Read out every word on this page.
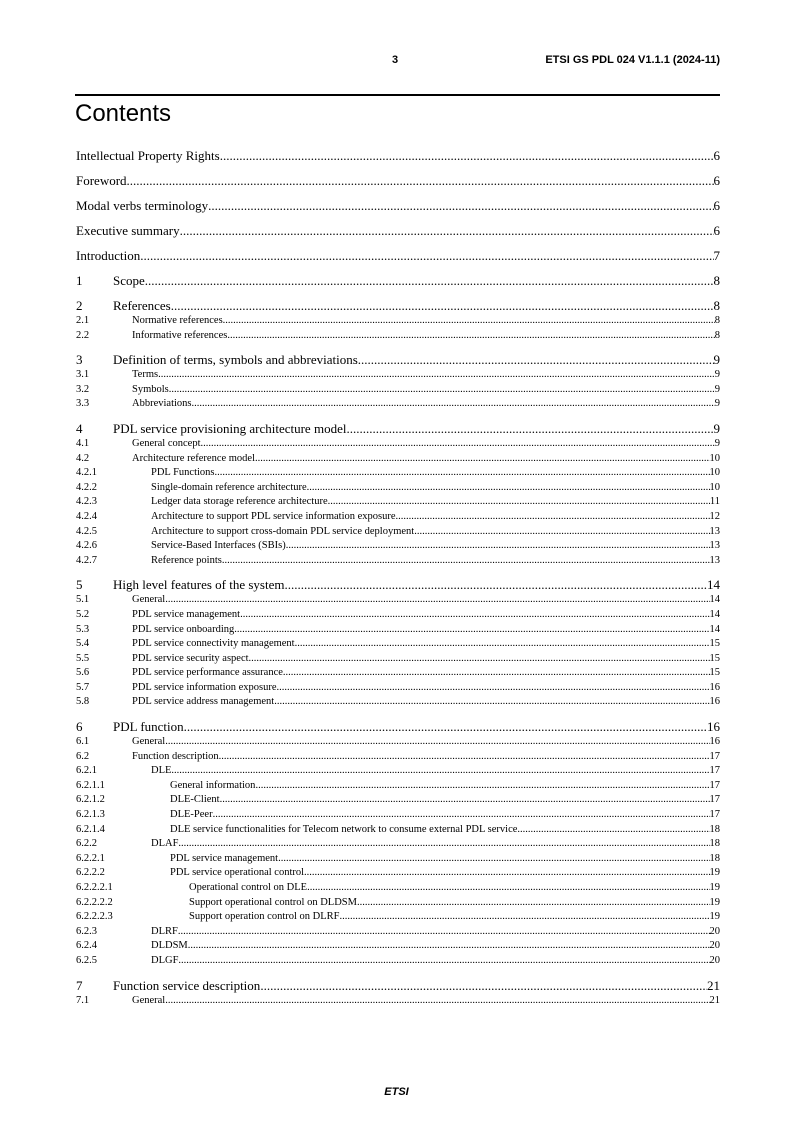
3	ETSI GS PDL 024 V1.1.1 (2024-11)
Contents
Intellectual Property Rights .....	6
Foreword .....	6
Modal verbs terminology .....	6
Executive summary .....	6
Introduction .....	7
1 Scope .....	8
2 References .....	8
2.1	Normative references .....	8
2.2	Informative references .....	8
3 Definition of terms, symbols and abbreviations .....	9
3.1	Terms .....	9
3.2	Symbols .....	9
3.3	Abbreviations .....	9
4 PDL service provisioning architecture model .....	9
4.1	General concept .....	9
4.2	Architecture reference model .....	10
4.2.1	PDL Functions .....	10
4.2.2	Single-domain reference architecture .....	10
4.2.3	Ledger data storage reference architecture .....	11
4.2.4	Architecture to support PDL service information exposure .....	12
4.2.5	Architecture to support cross-domain PDL service deployment .....	13
4.2.6	Service-Based Interfaces (SBIs) .....	13
4.2.7	Reference points .....	13
5 High level features of the system .....	14
5.1	General .....	14
5.2	PDL service management .....	14
5.3	PDL service onboarding .....	14
5.4	PDL service connectivity management .....	15
5.5	PDL service security aspect .....	15
5.6	PDL service performance assurance .....	15
5.7	PDL service information exposure .....	16
5.8	PDL service address management .....	16
6 PDL function .....	16
6.1	General .....	16
6.2	Function description .....	17
6.2.1	DLE .....	17
6.2.1.1	General information .....	17
6.2.1.2	DLE-Client .....	17
6.2.1.3	DLE-Peer .....	17
6.2.1.4	DLE service functionalities for Telecom network to consume external PDL service .....	18
6.2.2	DLAF .....	18
6.2.2.1	PDL service management .....	18
6.2.2.2	PDL service operational control .....	19
6.2.2.2.1	Operational control on DLE .....	19
6.2.2.2.2	Support operational control on DLDSM .....	19
6.2.2.2.3	Support operation control on DLRF .....	19
6.2.3	DLRF .....	20
6.2.4	DLDSM .....	20
6.2.5	DLGF .....	20
7 Function service description .....	21
7.1	General .....	21
ETSI
